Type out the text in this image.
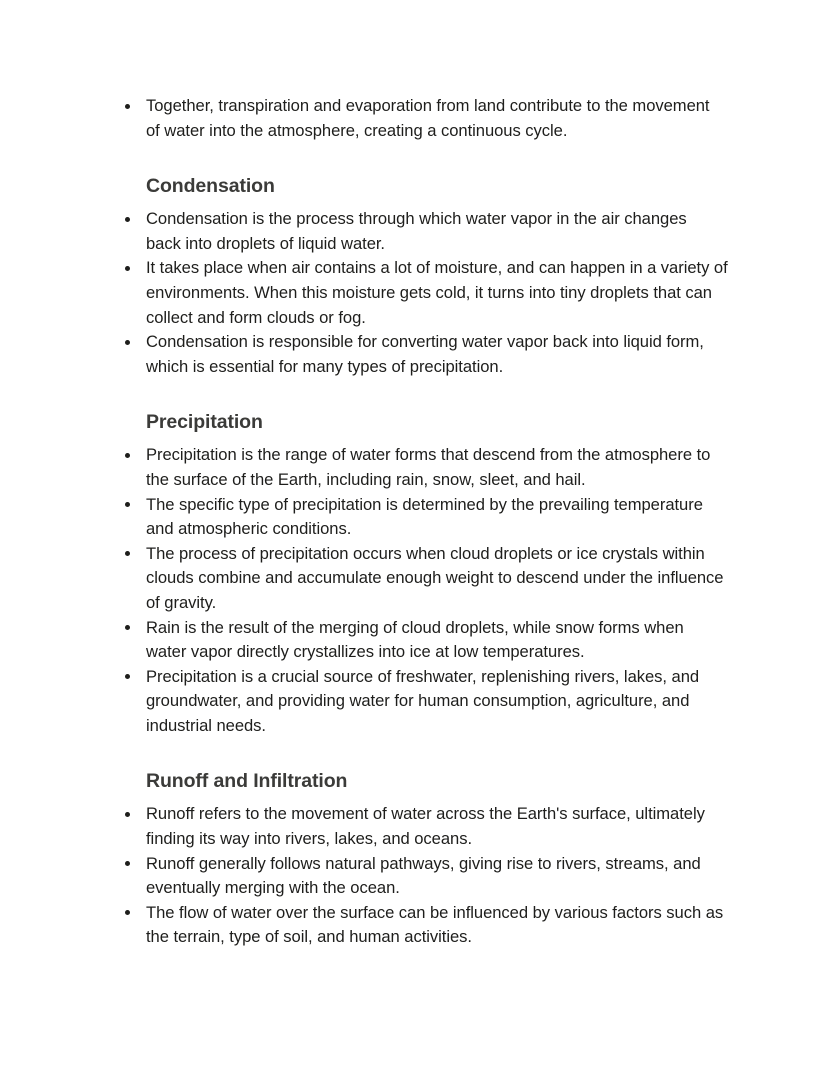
Together, transpiration and evaporation from land contribute to the movement of water into the atmosphere, creating a continuous cycle.
Condensation
Condensation is the process through which water vapor in the air changes back into droplets of liquid water.
It takes place when air contains a lot of moisture, and can happen in a variety of environments. When this moisture gets cold, it turns into tiny droplets that can collect and form clouds or fog.
Condensation is responsible for converting water vapor back into liquid form, which is essential for many types of precipitation.
Precipitation
Precipitation is the range of water forms that descend from the atmosphere to the surface of the Earth, including rain, snow, sleet, and hail.
The specific type of precipitation is determined by the prevailing temperature and atmospheric conditions.
The process of precipitation occurs when cloud droplets or ice crystals within clouds combine and accumulate enough weight to descend under the influence of gravity.
Rain is the result of the merging of cloud droplets, while snow forms when water vapor directly crystallizes into ice at low temperatures.
Precipitation is a crucial source of freshwater, replenishing rivers, lakes, and groundwater, and providing water for human consumption, agriculture, and industrial needs.
Runoff and Infiltration
Runoff refers to the movement of water across the Earth's surface, ultimately finding its way into rivers, lakes, and oceans.
Runoff generally follows natural pathways, giving rise to rivers, streams, and eventually merging with the ocean.
The flow of water over the surface can be influenced by various factors such as the terrain, type of soil, and human activities.
